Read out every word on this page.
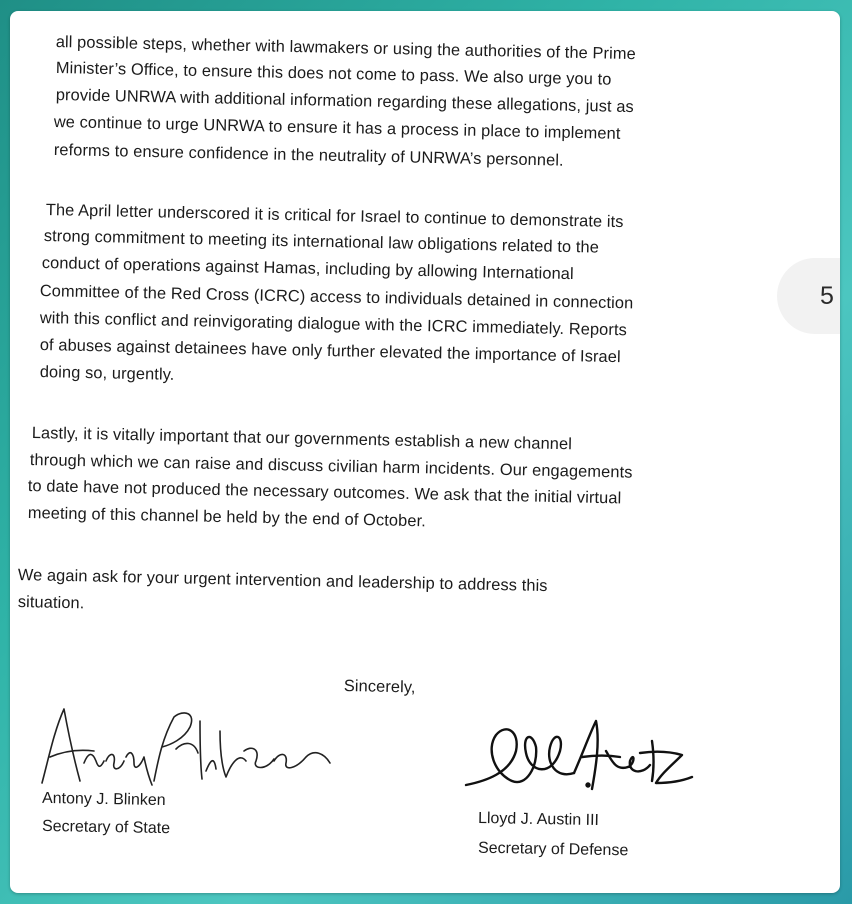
all possible steps, whether with lawmakers or using the authorities of the Prime
Minister’s Office, to ensure this does not come to pass. We also urge you to
provide UNRWA with additional information regarding these allegations, just as
we continue to urge UNRWA to ensure it has a process in place to implement
reforms to ensure confidence in the neutrality of UNRWA’s personnel.
The April letter underscored it is critical for Israel to continue to demonstrate its
strong commitment to meeting its international law obligations related to the
conduct of operations against Hamas, including by allowing International
Committee of the Red Cross (ICRC) access to individuals detained in connection
with this conflict and reinvigorating dialogue with the ICRC immediately. Reports
of abuses against detainees have only further elevated the importance of Israel
doing so, urgently.
Lastly, it is vitally important that our governments establish a new channel
through which we can raise and discuss civilian harm incidents. Our engagements
to date have not produced the necessary outcomes. We ask that the initial virtual
meeting of this channel be held by the end of October.
We again ask for your urgent intervention and leadership to address this
situation.
Sincerely,
Antony J. Blinken
Secretary of State	Lloyd J. Austin III
Secretary of Defense
5
